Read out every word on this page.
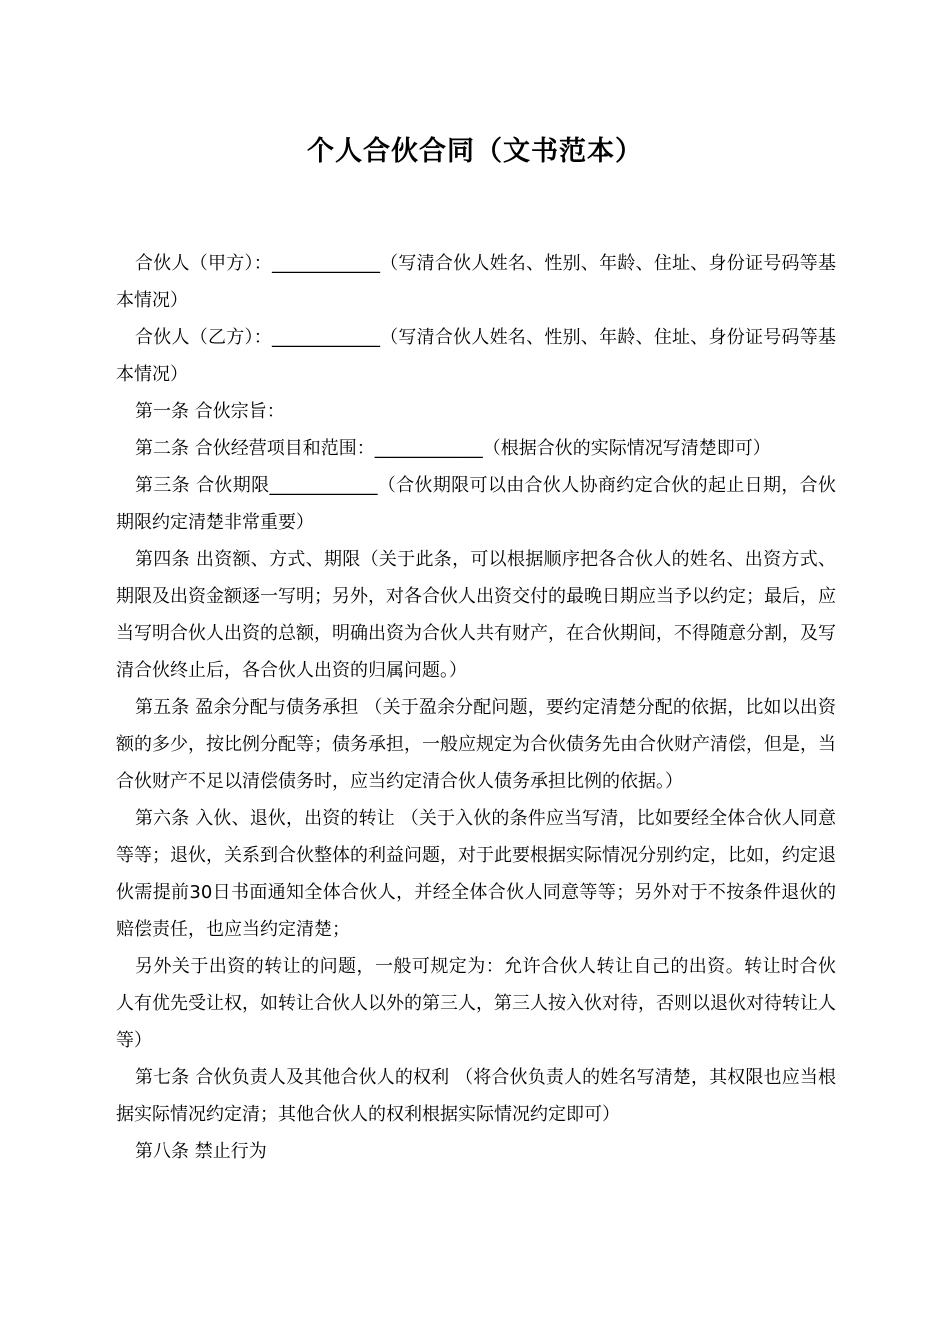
个人合伙合同（文书范本）

合伙人（甲方）：____________（写清合伙人姓名、性别、年龄、住址、身份证号码等基本情况）

合伙人（乙方）：____________（写清合伙人姓名、性别、年龄、住址、身份证号码等基本情况）

第一条 合伙宗旨：

第二条 合伙经营项目和范围：____________（根据合伙的实际情况写清楚即可）

第三条 合伙期限____________（合伙期限可以由合伙人协商约定合伙的起止日期，合伙期限约定清楚非常重要）

第四条 出资额、方式、期限（关于此条，可以根据顺序把各合伙人的姓名、出资方式、期限及出资金额逐一写明；另外，对各合伙人出资交付的最晚日期应当予以约定；最后，应当写明合伙人出资的总额，明确出资为合伙人共有财产，在合伙期间，不得随意分割，及写清合伙终止后，各合伙人出资的归属问题。）

第五条 盈余分配与债务承担 （关于盈余分配问题，要约定清楚分配的依据，比如以出资额的多少，按比例分配等；债务承担，一般应规定为合伙债务先由合伙财产清偿，但是，当合伙财产不足以清偿债务时，应当约定清合伙人债务承担比例的依据。）

第六条 入伙、退伙，出资的转让 （关于入伙的条件应当写清，比如要经全体合伙人同意等等；退伙，关系到合伙整体的利益问题，对于此要根据实际情况分别约定，比如，约定退伙需提前30日书面通知全体合伙人，并经全体合伙人同意等等；另外对于不按条件退伙的赔偿责任，也应当约定清楚；

另外关于出资的转让的问题，一般可规定为：允许合伙人转让自己的出资。转让时合伙人有优先受让权，如转让合伙人以外的第三人，第三人按入伙对待，否则以退伙对待转让人等）

第七条 合伙负责人及其他合伙人的权利 （将合伙负责人的姓名写清楚，其权限也应当根据实际情况约定清；其他合伙人的权利根据实际情况约定即可）

第八条 禁止行为
